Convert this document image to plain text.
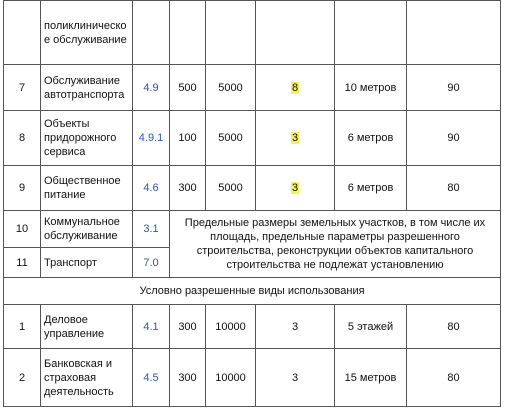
	поликлиническое обслуживание						
7	Обслуживание автотранспорта	4.9	500	5000	8	10 метров	90
8	Объекты придорожного сервиса	4.9.1	100	5000	3	6 метров	90
9	Общественное питание	4.6	300	5000	3	6 метров	80
10	Коммунальное обслуживание	3.1	Предельные размеры земельных участков, в том числе их площадь, предельные параметры разрешенного строительства, реконструкции объектов капитального строительства не подлежат установлению				
11	Транспорт	7.0					
Условно разрешенные виды использования							
1	Деловое управление	4.1	300	10000	3	5 этажей	80
2	Банковская и страховая деятельность	4.5	300	10000	3	15 метров	80
